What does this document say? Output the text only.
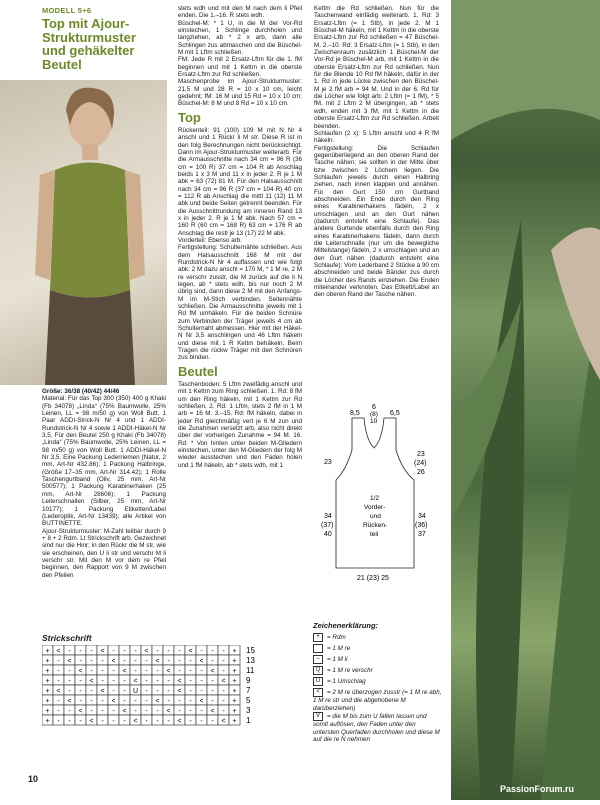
MODELL 5+6
Top mit Ajour-Strukturmuster und gehäkelter Beutel

Größe: 36/38 (40/42) 44/46

Material: Für das Top 300 (350) 400 g Khaki (Fb 34078) „Linda“ (75% Baumwolle, 25% Leinen, LL = 98 m/50 g) von Woll Butt. 1 Paar ADDI-Strick-N Nr 4 und 1 ADDI-Rundstrick-N Nr 4 sowie 1 ADDI-Häkel-N Nr 3,5. Für den Beutel 250 g Khaki (Fb 34078) „Linda“ (75% Baumwolle, 25% Leinen, LL = 98 m/50 g) von Woll Butt. 1 ADDI-Häkel-N Nr 3,5. Eine Packung Lederriemen (Natur, 2 mm, Art-Nr 432.86); 1 Packung Halbringe, (Größe 17–35 mm, Art-Nr 314.42); 1 Rolle Taschengurtband (Oliv, 25 mm, Art-Nr 500577); 1 Packung Karabinerhaken (25 mm, Art-Nr 28606); 1 Packung Leiterschnallen (Silber, 25 mm, Art-Nr 10177); 1 Packung Etiketten/Label (Lederoptik, Art-Nr 13439); alle Artikel von BUTTINETTE.

Ajour-Strukturmuster: M-Zahl teilbar durch 9 + 8 + 2 Rdm. Lt Strickschrift arb. Gezeichnet sind nur die Hinr; in den Rückr die M str, wie sie erscheinen, den U li str und verschr M li verschr str. Mit den M vor dem re Pfeil beginnen, den Rapport von 9 M zwischen den Pfeilen

stets wdh und mit den M nach dem li Pfeil enden. Die 1.–16. R stets wdh.

Büschel-M: * 1 U, in die M der Vor-Rd einstechen, 1 Schlinge durchholen und langziehen, ab * 2 x arb, dann alle Schlingen zus abmaschen und die Büschel-M mit 1 Lftm schließen.

FM: Jede R mit 2 Ersatz-Lftm für die 1. fM beginnen und mit 1 Kettm in die oberste Ersatz-Lftm zur Rd schließen.

Maschenprobe im Ajour-Strukturmuster: 21,5 M und 28 R = 10 x 10 cm, leicht gedehnt; fM: 16 M und 15 Rd = 10 x 10 cm; Büschel-M: 8 M und 8 Rd = 10 x 10 cm.

Top

Rückenteil: 91 (100) 109 M mit N Nr 4 anschl und 1 Rückr li M str. Diese R ist in den folg Berechnungen nicht berücksichtigt. Dann im Ajour-Strukturmuster weiterarb. Für die Armausschnitte nach 34 cm = 96 R (36 cm = 100 R) 37 cm = 104 R ab Anschlag beids 1 x 3 M und 11 x in jeder 2. R je 1 M abk = 63 (72) 81 M. Für den Halsausschnitt nach 34 cm = 96 R (37 cm = 104 R) 40 cm = 112 R ab Anschlag die mittl 11 (12) 11 M abk und beide Seiten getrennt beenden. Für die Ausschnittrundung am inneren Rand 13 x in jeder 2. R je 1 M abk. Nach 57 cm = 160 R (60 cm = 168 R) 63 cm = 176 R ab Anschlag die restl je 13 (17) 22 M abk.

Vorderteil: Ebenso arb.

Fertigstellung: Schulternähte schließen. Aus dem Halsausschnitt 168 M mit der Rundstrick-N Nr 4 auffassen und wie folgt abk: 2 M dazu anschl = 170 M, * 1 M re, 2 M re verschr zusstr, die M zurück auf die li N legen, ab * stets wdh, bis nur noch 2 M übrig sind, dann diese 2 M mit den Anfangs-M im M-Stich verbinden. Seitennähte schließen. Die Armausschnitte jeweils mit 1 Rd fM umhäkeln. Für die beiden Schnüre zum Verbinden der Träger jeweils 4 cm ab Schulternaht abmessen. Hier mit der Häkel-N Nr 3,5 anschlingen und 46 Lftm häkeln und diese mit 1 R Kettm behäkeln. Beim Tragen die rückw Träger mit den Schnüren zus binden.

Beutel

Taschenboden: 5 Lftm zweifädig anschl und mit 1 Kettm zum Ring schließen. 1. Rd: 8 fM um den Ring häkeln, mit 1 Kettm zur Rd schließen. 2. Rd: 1 Lftm, stets 2 fM in 1 M arb = 16 M. 3.–15. Rd: fM häkeln, dabei in jeder Rd gleichmäßig vert je 6 M zun und die Zunahmen versetzt arb, also nicht direkt über der vorherigen Zunahme = 94 M. 16. Rd: * Von hinten unter beiden M-Gliedern einstechen, unter den M-Gliedern der folg M wieder ausstechen und den Faden holen und 1 fM häkeln, ab * stets wdh, mit 1

Kettm die Rd schließen. Nun für die Taschenwand einfädig weiterarb. 1. Rd: 3 Ersatz-Lftm (= 1 Stb), in jede 2. M 1 Büschel-M häkeln, mit 1 Kettm in die oberste Ersatz-Lftm zur Rd schließen = 47 Büschel-M. 2.–10. Rd: 3 Ersatz-Lftm (= 1 Stb), in den Zwischenraum zusätzlich 1 Büschel-M der Vor-Rd je Büschel-M arb, mit 1 Kettm in die oberste Ersatz-Lftm zur Rd schließen. Nun für die Blende 10 Rd fM häkeln, dafür in der 1. Rd in jede Lücke zwischen den Büschel-M je 2 fM arb = 94 M. Und in der 6. Rd für die Löcher wie folgt arb: 2 Lftm (= 1 fM), * 5 fM, mit 2 Lftm 2 M übergingen, ab * stets wdh, enden mit 3 fM, mit 1 Kettm in die oberste Ersatz-Lftm zur Rd schließen. Arbeit beenden.

Schlaufen (2 x): 5 Lftm anschl und 4 R fM häkeln.

Fertigstellung: Die Schlaufen gegenüberliegend an den oberen Rand der Tasche nähen; sie sollten in der Mitte über bzw zwischen 2 Löchern liegen. Die Schlaufen jeweils durch einen Halbring ziehen, nach innen klappen und annähen. Für den Gurt 150 cm Gurtband abschneiden. Ein Ende durch den Ring eines Karabinerhakens fädeln, 2 x umschlagen und an den Gurt nähen (dadurch entsteht eine Schlaufe). Das andere Gurtende ebenfalls durch den Ring eines Karabinerhakens fädeln, dann durch die Leiterschnalle (nur um die bewegliche Mittelstange) fädeln, 2 x umschlagen und an den Gurt nähen (dadurch entsteht eine Schlaufe). Vom Lederband 2 Stücke à 90 cm abschneiden und beide Bänder zus durch die Löcher des Rands einziehen. Die Enden miteinander verknoten. Das Etikett/Label an den oberen Rand der Tasche nähen.

6
(8)
10
8,5	6,5
23
23
(24)
26
34
(37)
40
34
(36)
37
1/2
Vorder-
und
Rücken-
teil
21 (23) 25
Strickschrift
+ < - - - < - - - < - - - < - - - +
+ - < - - - < - - - < - - - < - - +
+ - - < - - - < - - - < - - - < - +
+ - - - < - - - < - - - < - - - < +
+ < - - - < - - U - - - < - - - - +
+ - < - - - < - - - < - - - < - - +
+ - - < - - - < - - - < - - - < - +
+ - - - < - - - < - - - < - - - < +
15
13
11
9
7
5
3
1
Zeichenerklärung:
+ = Rdm
= 1 M re
– = 1 M li
Q = 1 M re verschr
U = 1 Umschlag
< = 2 M re überzogen zusstr (= 1 M re abh, 1 M re str und die abgehobene M darüberziehen)
V = die M bis zum U fallen lassen und somit auflösen, den Faden unter den untersten Querfaden durchholen und diese M auf die re N nehmen
10
PassionForum.ru
